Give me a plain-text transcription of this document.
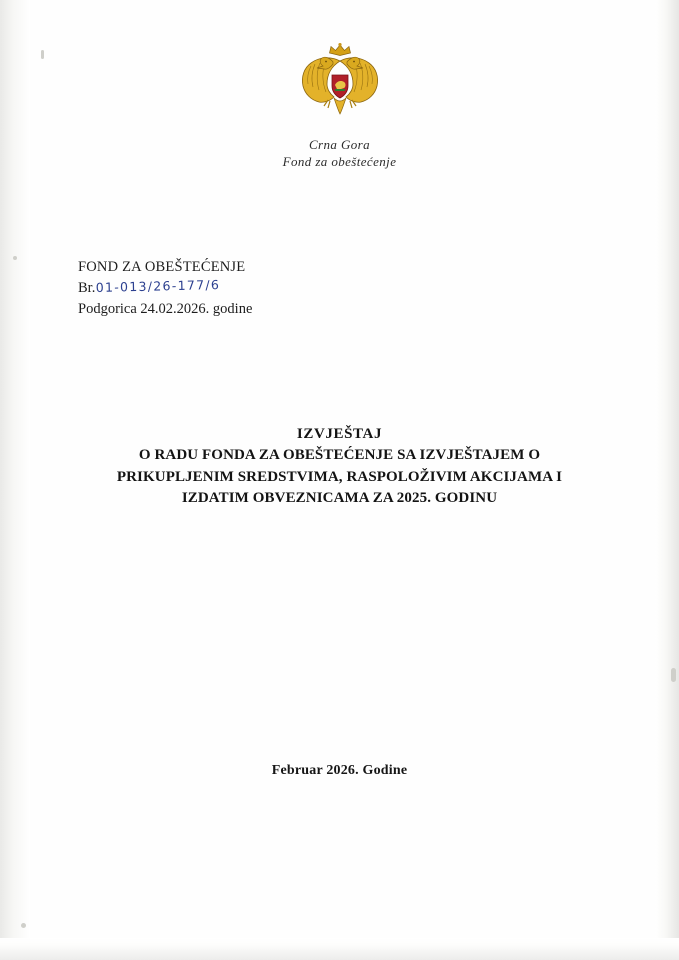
Crna Gora
Fond za obeštećenje
FOND ZA OBEŠTEĆENJE
Br. 01-013/26-177/6
Podgorica 24.02.2026. godine
IZVJEŠTAJ
O RADU FONDA ZA OBEŠTEĆENJE SA IZVJEŠTAJEM O
PRIKUPLJENIM SREDSTVIMA, RASPOLOŽIVIM AKCIJAMA I
IZDATIM OBVEZNICAMA ZA 2025. GODINU
Februar 2026. Godine
